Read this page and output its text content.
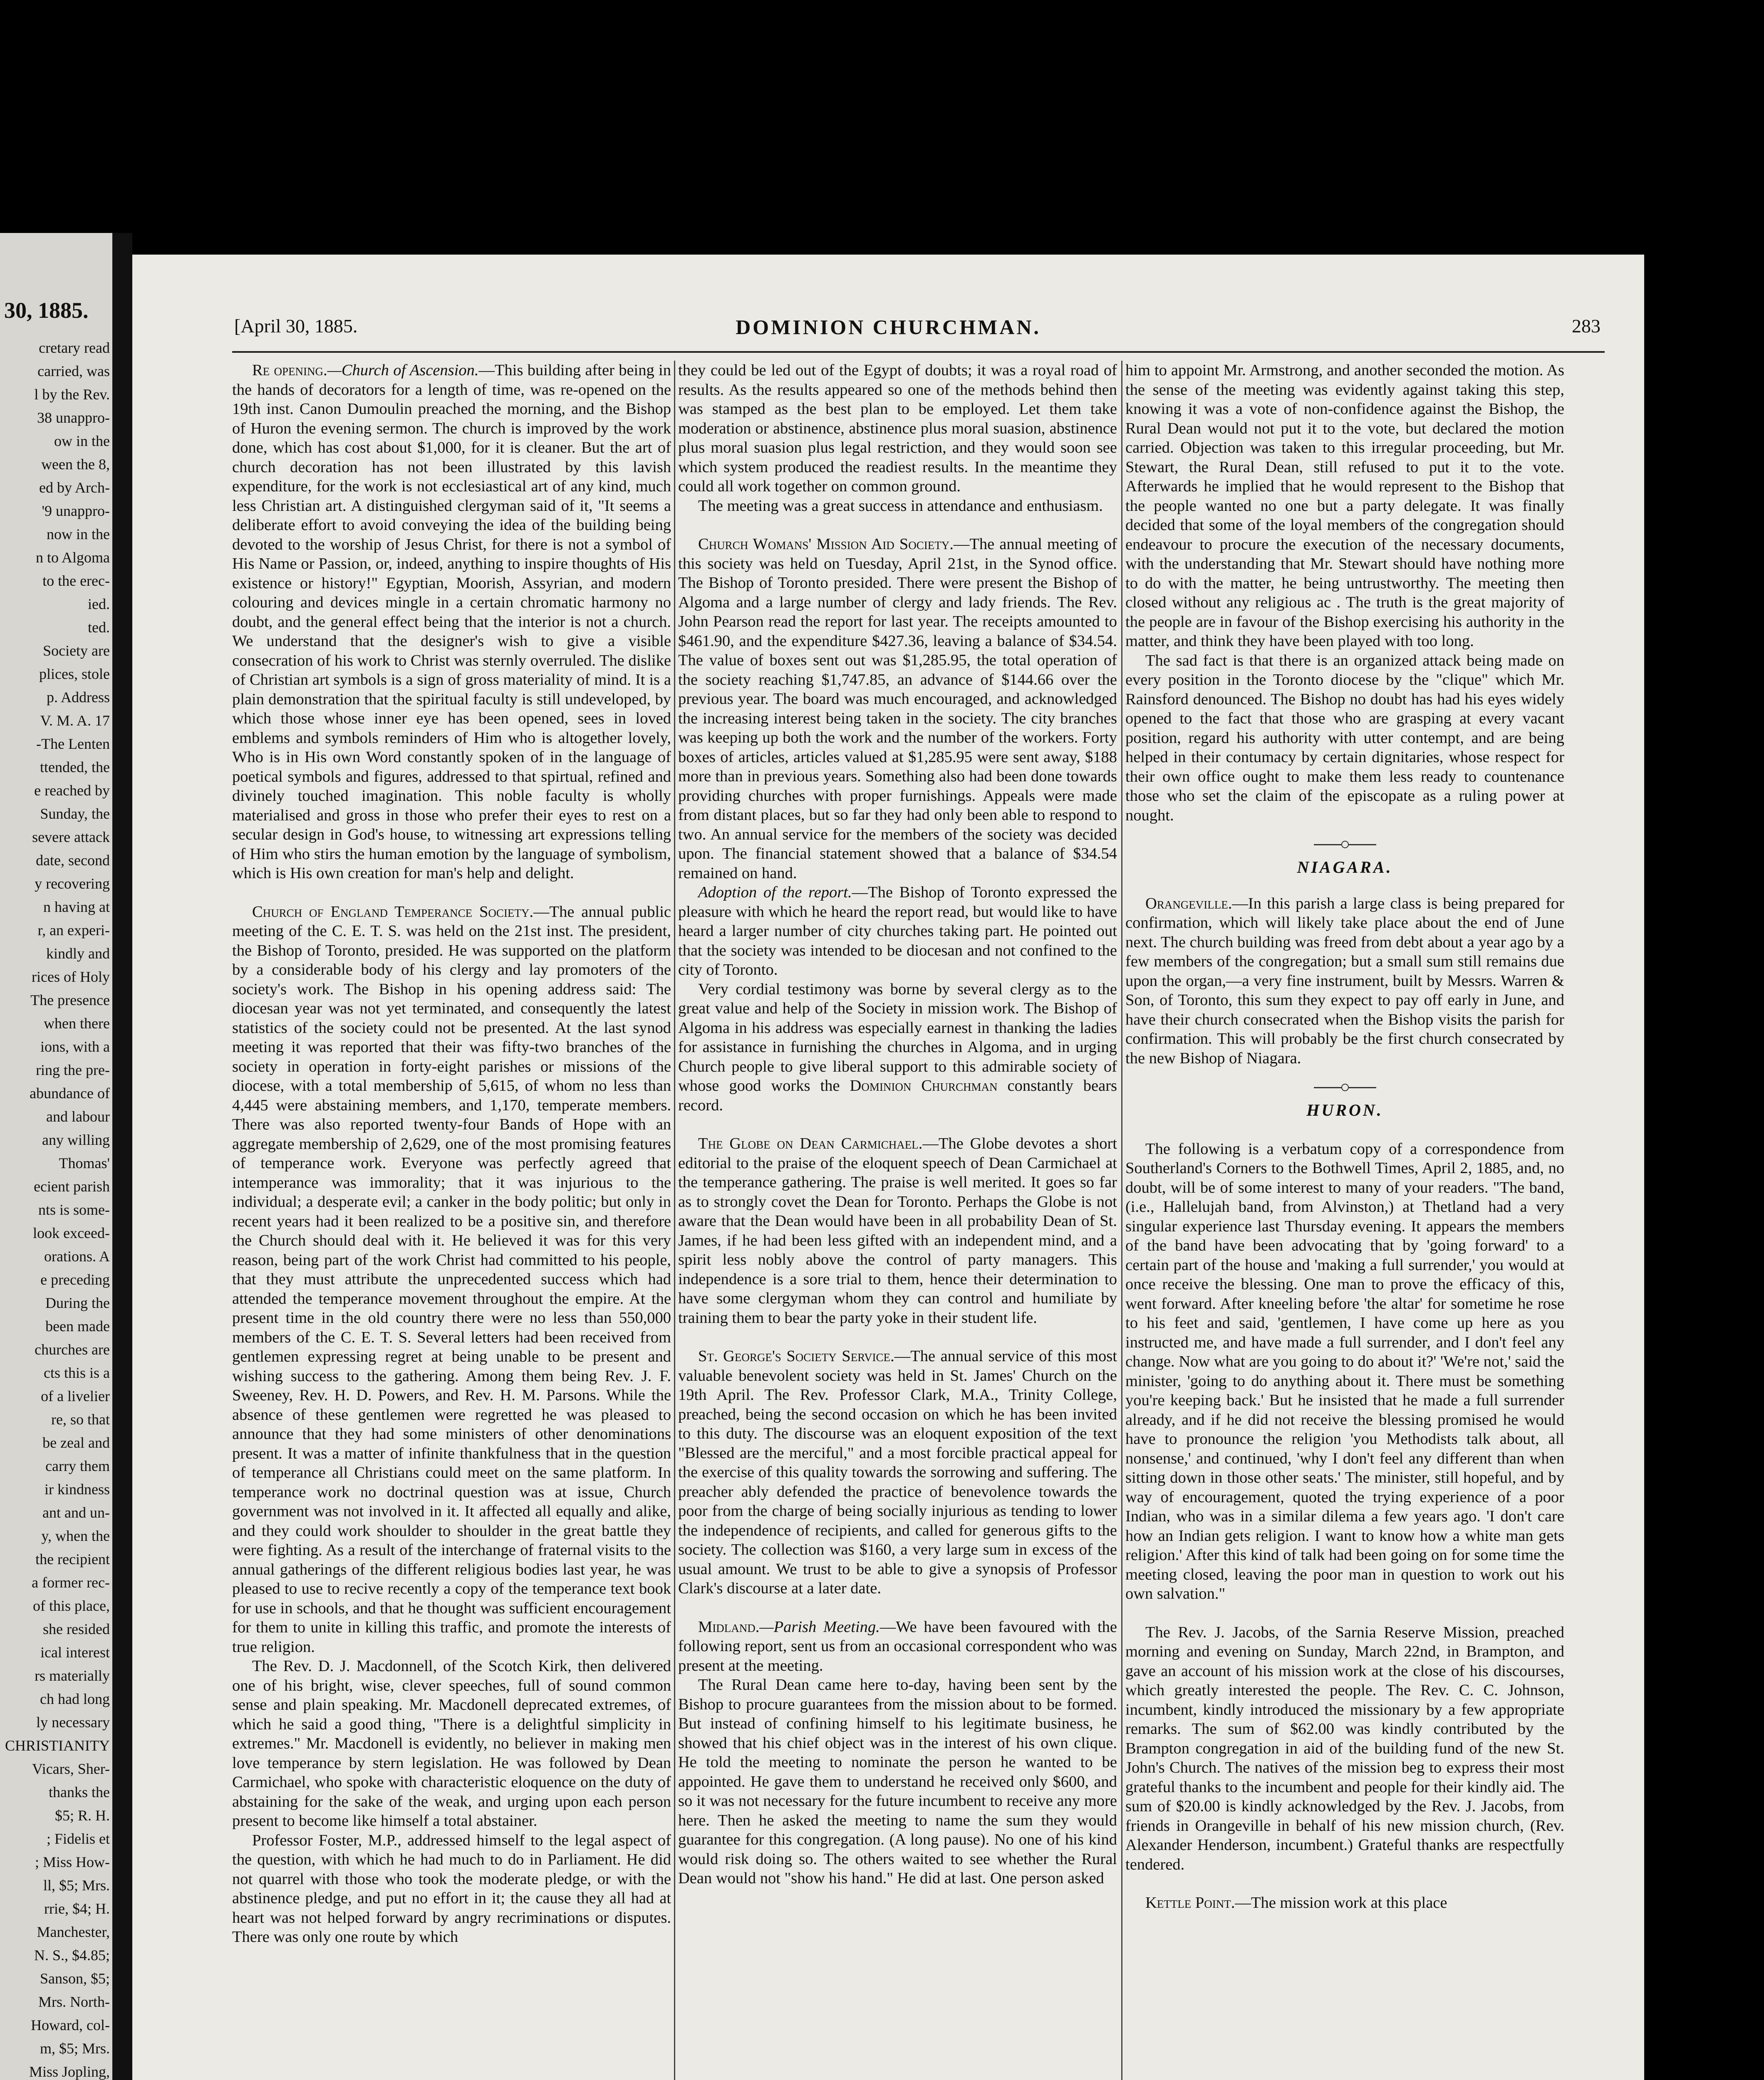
30, 1885.
cretary read
carried, was
l by the Rev.
38 unappro-
ow in the
ween the 8,
ed by Arch-
'9 unappro-
now in the
n to Algoma
to the erec-
ied.
ted.
Society are
plices, stole
p. Address
V. M. A. 17
-The Lenten
ttended, the
e reached by
Sunday, the
severe attack
date, second
y recovering
n having at
r, an experi-
kindly and
rices of Holy
The presence
when there
ions, with a
ring the pre-
abundance of
and labour
any willing
Thomas'
ecient parish
nts is some-
look exceed-
orations. A
e preceding
During the
been made
churches are
cts this is a
of a livelier
re, so that
be zeal and
carry them
ir kindness
ant and un-
y, when the
the recipient
a former rec-
of this place,
she resided
ical interest
rs materially
ch had long
ly necessary
CHRISTIANITY
Vicars, Sher-
thanks the
$5; R. H.
; Fidelis et
; Miss How-
ll, $5; Mrs.
rrie, $4; H.
Manchester,
N. S., $4.85;
Sanson, $5;
Mrs. North-
Howard, col-
m, $5; Mrs.
Miss Jopling,
[April 30, 1885.	DOMINION CHURCHMAN.	283

Re opening.—Church of Ascension.—This building after being in the hands of decorators for a length of time, was re-opened on the 19th inst. Canon Dumoulin preached the morning, and the Bishop of Huron the evening sermon. The church is improved by the work done, which has cost about $1,000, for it is cleaner. But the art of church decoration has not been illustrated by this lavish expenditure, for the work is not ecclesiastical art of any kind, much less Christian art. A distinguished clergyman said of it, "It seems a deliberate effort to avoid conveying the idea of the building being devoted to the worship of Jesus Christ, for there is not a symbol of His Name or Passion, or, indeed, anything to inspire thoughts of His existence or history!" Egyptian, Moorish, Assyrian, and modern colouring and devices mingle in a certain chromatic harmony no doubt, and the general effect being that the interior is not a church. We understand that the designer's wish to give a visible consecration of his work to Christ was sternly overruled. The dislike of Christian art symbols is a sign of gross materiality of mind. It is a plain demonstration that the spiritual faculty is still undeveloped, by which those whose inner eye has been opened, sees in loved emblems and symbols reminders of Him who is altogether lovely, Who is in His own Word constantly spoken of in the language of poetical symbols and figures, addressed to that spirtual, refined and divinely touched imagination. This noble faculty is wholly materialised and gross in those who prefer their eyes to rest on a secular design in God's house, to witnessing art expressions telling of Him who stirs the human emotion by the language of symbolism, which is His own creation for man's help and delight.

Church of England Temperance Society.—The annual public meeting of the C. E. T. S. was held on the 21st inst. The president, the Bishop of Toronto, presided. He was supported on the platform by a considerable body of his clergy and lay promoters of the society's work. The Bishop in his opening address said: The diocesan year was not yet terminated, and consequently the latest statistics of the society could not be presented. At the last synod meeting it was reported that their was fifty-two branches of the society in operation in forty-eight parishes or missions of the diocese, with a total membership of 5,615, of whom no less than 4,445 were abstaining members, and 1,170, temperate members. There was also reported twenty-four Bands of Hope with an aggregate membership of 2,629, one of the most promising features of temperance work. Everyone was perfectly agreed that intemperance was immorality; that it was injurious to the individual; a desperate evil; a canker in the body politic; but only in recent years had it been realized to be a positive sin, and therefore the Church should deal with it. He believed it was for this very reason, being part of the work Christ had committed to his people, that they must attribute the unprecedented success which had attended the temperance movement throughout the empire. At the present time in the old country there were no less than 550,000 members of the C. E. T. S. Several letters had been received from gentlemen expressing regret at being unable to be present and wishing success to the gathering. Among them being Rev. J. F. Sweeney, Rev. H. D. Powers, and Rev. H. M. Parsons. While the absence of these gentlemen were regretted he was pleased to announce that they had some ministers of other denominations present. It was a matter of infinite thankfulness that in the question of temperance all Christians could meet on the same platform. In temperance work no doctrinal question was at issue, Church government was not involved in it. It affected all equally and alike, and they could work shoulder to shoulder in the great battle they were fighting. As a result of the interchange of fraternal visits to the annual gatherings of the different religious bodies last year, he was pleased to use to recive recently a copy of the temperance text book for use in schools, and that he thought was sufficient encouragement for them to unite in killing this traffic, and promote the interests of true religion.

The Rev. D. J. Macdonnell, of the Scotch Kirk, then delivered one of his bright, wise, clever speeches, full of sound common sense and plain speaking. Mr. Macdonell deprecated extremes, of which he said a good thing, "There is a delightful simplicity in extremes." Mr. Macdonell is evidently, no believer in making men love temperance by stern legislation. He was followed by Dean Carmichael, who spoke with characteristic eloquence on the duty of abstaining for the sake of the weak, and urging upon each person present to become like himself a total abstainer.

Professor Foster, M.P., addressed himself to the legal aspect of the question, with which he had much to do in Parliament. He did not quarrel with those who took the moderate pledge, or with the abstinence pledge, and put no effort in it; the cause they all had at heart was not helped forward by angry recriminations or disputes. There was only one route by which

they could be led out of the Egypt of doubts; it was a royal road of results. As the results appeared so one of the methods behind then was stamped as the best plan to be employed. Let them take moderation or abstinence, abstinence plus moral suasion, abstinence plus moral suasion plus legal restriction, and they would soon see which system produced the readiest results. In the meantime they could all work together on common ground.

The meeting was a great success in attendance and enthusiasm.

Church Womans' Mission Aid Society.—The annual meeting of this society was held on Tuesday, April 21st, in the Synod office. The Bishop of Toronto presided. There were present the Bishop of Algoma and a large number of clergy and lady friends. The Rev. John Pearson read the report for last year. The receipts amounted to $461.90, and the expenditure $427.36, leaving a balance of $34.54. The value of boxes sent out was $1,285.95, the total operation of the society reaching $1,747.85, an advance of $144.66 over the previous year. The board was much encouraged, and acknowledged the increasing interest being taken in the society. The city branches was keeping up both the work and the number of the workers. Forty boxes of articles, articles valued at $1,285.95 were sent away, $188 more than in previous years. Something also had been done towards providing churches with proper furnishings. Appeals were made from distant places, but so far they had only been able to respond to two. An annual service for the members of the society was decided upon. The financial statement showed that a balance of $34.54 remained on hand.

Adoption of the report.—The Bishop of Toronto expressed the pleasure with which he heard the report read, but would like to have heard a larger number of city churches taking part. He pointed out that the society was intended to be diocesan and not confined to the city of Toronto.

Very cordial testimony was borne by several clergy as to the great value and help of the Society in mission work. The Bishop of Algoma in his address was especially earnest in thanking the ladies for assistance in furnishing the churches in Algoma, and in urging Church people to give liberal support to this admirable society of whose good works the Dominion Churchman constantly bears record.

The Globe on Dean Carmichael.—The Globe devotes a short editorial to the praise of the eloquent speech of Dean Carmichael at the temperance gathering. The praise is well merited. It goes so far as to strongly covet the Dean for Toronto. Perhaps the Globe is not aware that the Dean would have been in all probability Dean of St. James, if he had been less gifted with an independent mind, and a spirit less nobly above the control of party managers. This independence is a sore trial to them, hence their determination to have some clergyman whom they can control and humiliate by training them to bear the party yoke in their student life.

St. George's Society Service.—The annual service of this most valuable benevolent society was held in St. James' Church on the 19th April. The Rev. Professor Clark, M.A., Trinity College, preached, being the second occasion on which he has been invited to this duty. The discourse was an eloquent exposition of the text "Blessed are the merciful," and a most forcible practical appeal for the exercise of this quality towards the sorrowing and suffering. The preacher ably defended the practice of benevolence towards the poor from the charge of being socially injurious as tending to lower the independence of recipients, and called for generous gifts to the society. The collection was $160, a very large sum in excess of the usual amount. We trust to be able to give a synopsis of Professor Clark's discourse at a later date.

Midland.—Parish Meeting.—We have been favoured with the following report, sent us from an occasional correspondent who was present at the meeting.

The Rural Dean came here to-day, having been sent by the Bishop to procure guarantees from the mission about to be formed. But instead of confining himself to his legitimate business, he showed that his chief object was in the interest of his own clique. He told the meeting to nominate the person he wanted to be appointed. He gave them to understand he received only $600, and so it was not necessary for the future incumbent to receive any more here. Then he asked the meeting to name the sum they would guarantee for this congregation. (A long pause). No one of his kind would risk doing so. The others waited to see whether the Rural Dean would not "show his hand." He did at last. One person asked

him to appoint Mr. Armstrong, and another seconded the motion. As the sense of the meeting was evidently against taking this step, knowing it was a vote of non-confidence against the Bishop, the Rural Dean would not put it to the vote, but declared the motion carried. Objection was taken to this irregular proceeding, but Mr. Stewart, the Rural Dean, still refused to put it to the vote. Afterwards he implied that he would represent to the Bishop that the people wanted no one but a party delegate. It was finally decided that some of the loyal members of the congregation should endeavour to procure the execution of the necessary documents, with the understanding that Mr. Stewart should have nothing more to do with the matter, he being untrustworthy. The meeting then closed without any religious ac . The truth is the great majority of the people are in favour of the Bishop exercising his authority in the matter, and think they have been played with too long.

The sad fact is that there is an organized attack being made on every position in the Toronto diocese by the "clique" which Mr. Rainsford denounced. The Bishop no doubt has had his eyes widely opened to the fact that those who are grasping at every vacant position, regard his authority with utter contempt, and are being helped in their contumacy by certain dignitaries, whose respect for their own office ought to make them less ready to countenance those who set the claim of the episcopate as a ruling power at nought.

NIAGARA.

Orangeville.—In this parish a large class is being prepared for confirmation, which will likely take place about the end of June next. The church building was freed from debt about a year ago by a few members of the congregation; but a small sum still remains due upon the organ,—a very fine instrument, built by Messrs. Warren & Son, of Toronto, this sum they expect to pay off early in June, and have their church consecrated when the Bishop visits the parish for confirmation. This will probably be the first church consecrated by the new Bishop of Niagara.

HURON.

The following is a verbatum copy of a correspondence from Southerland's Corners to the Bothwell Times, April 2, 1885, and, no doubt, will be of some interest to many of your readers. "The band, (i.e., Hallelujah band, from Alvinston,) at Thetland had a very singular experience last Thursday evening. It appears the members of the band have been advocating that by 'going forward' to a certain part of the house and 'making a full surrender,' you would at once receive the blessing. One man to prove the efficacy of this, went forward. After kneeling before 'the altar' for sometime he rose to his feet and said, 'gentlemen, I have come up here as you instructed me, and have made a full surrender, and I don't feel any change. Now what are you going to do about it?' 'We're not,' said the minister, 'going to do anything about it. There must be something you're keeping back.' But he insisted that he made a full surrender already, and if he did not receive the blessing promised he would have to pronounce the religion 'you Methodists talk about, all nonsense,' and continued, 'why I don't feel any different than when sitting down in those other seats.' The minister, still hopeful, and by way of encouragement, quoted the trying experience of a poor Indian, who was in a similar dilema a few years ago. 'I don't care how an Indian gets religion. I want to know how a white man gets religion.' After this kind of talk had been going on for some time the meeting closed, leaving the poor man in question to work out his own salvation."

The Rev. J. Jacobs, of the Sarnia Reserve Mission, preached morning and evening on Sunday, March 22nd, in Brampton, and gave an account of his mission work at the close of his discourses, which greatly interested the people. The Rev. C. C. Johnson, incumbent, kindly introduced the missionary by a few appropriate remarks. The sum of $62.00 was kindly contributed by the Brampton congregation in aid of the building fund of the new St. John's Church. The natives of the mission beg to express their most grateful thanks to the incumbent and people for their kindly aid. The sum of $20.00 is kindly acknowledged by the Rev. J. Jacobs, from friends in Orangeville in behalf of his new mission church, (Rev. Alexander Henderson, incumbent.) Grateful thanks are respectfully tendered.

Kettle Point.—The mission work at this place
